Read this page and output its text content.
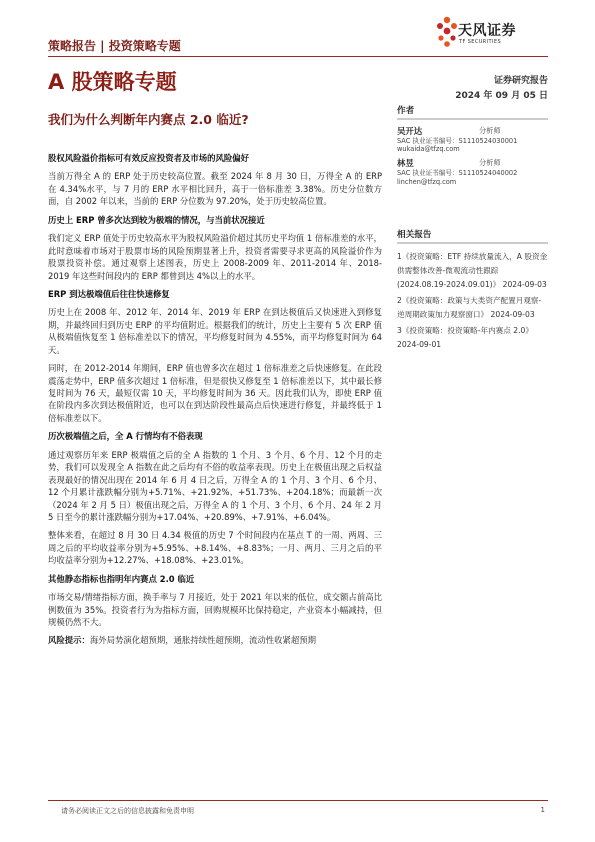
策略报告 | 投资策略专题
天风证券
TF SECURITIES
A 股策略专题	证券研究报告
2024 年 09 月 05 日
我们为什么判断年内赛点 2.0 临近?
股权风险溢价指标可有效反应投资者及市场的风险偏好

当前万得全 A 的 ERP 处于历史较高位置。截至 2024 年 8 月 30 日，万得全 A 的 ERP 在 4.34%水平，与 7 月的 ERP 水平相比回升，高于一倍标准差 3.38%。历史分位数方面，自 2002 年以来，当前的 ERP 分位数为 97.20%，处于历史较高位置。

历史上 ERP 曾多次达到较为极端的情况，与当前状况接近

我们定义 ERP 值处于历史较高水平为股权风险溢价超过其历史平均值 1 倍标准差的水平，此时意味着市场对于股票市场的风险预期显著上升，投资者需要寻求更高的风险溢价作为股票投资补偿。通过观察上述图表，历史上 2008-2009 年、2011-2014 年、2018-2019 年这些时间段内的 ERP 都曾到达 4%以上的水平。

ERP 到达极端值后往往快速修复

历史上在 2008 年、2012 年、2014 年、2019 年 ERP 在到达极值后又快速进入到修复期，并最终回归到历史 ERP 的平均值附近。根据我们的统计，历史上主要有 5 次 ERP 值从极端值恢复至 1 倍标准差以下的情况，平均修复时间为 4.55%，而平均修复时间为 64 天。

同时，在 2012-2014 年期间，ERP 值也曾多次在超过 1 倍标准差之后快速修复。在此段震荡走势中，ERP 值多次超过 1 倍标准，但是很快又修复至 1 倍标准差以下，其中最长修复时间为 76 天，最短仅需 10 天，平均修复时间为 36 天。因此我们认为，即使 ERP 值在阶段内多次到达极值附近，也可以在到达阶段性最高点后快速进行修复，并最终低于 1 倍标准差以下。

历次极端值之后，全 A 行情均有不俗表现

通过观察历年来 ERP 极端值之后的全 A 指数的 1 个月、3 个月、6 个月、12 个月的走势，我们可以发现全 A 指数在此之后均有不俗的收益率表现。历史上在极值出现之后权益表现最好的情况出现在 2014 年 6 月 4 日之后，万得全 A 的 1 个月、3 个月、6 个月、12 个月累计涨跌幅分别为+5.71%、+21.92%、+51.73%、+204.18%；而最新一次（2024 年 2 月 5 日）极值出现之后，万得全 A 的 1 个月、3 个月、6 个月、24 年 2 月 5 日至今的累计涨跌幅分别为+17.04%、+20.89%、+7.91%、+6.04%。

整体来看，在超过 8 月 30 日 4.34 极值的历史 7 个时间段内在基点 T 的一周、两周、三周之后的平均收益率分别为+5.95%、+8.14%、+8.83%；一月、两月、三月之后的平均收益率分别为+12.27%、+18.08%、+23.01%。

其他静态指标也指明年内赛点 2.0 临近

市场交易/情绪指标方面，换手率与 7 月接近，处于 2021 年以来的低位，成交额占前高比例数值为 35%。投资者行为为指标方面，回购规模环比保持稳定，产业资本小幅减持，但规模仍然不大。

风险提示：海外局势演化超预期，通胀持续性超预期，流动性收紧超预期

作者
吴开达	分析师
SAC 执业证书编号：S1110524030001
wukaida@tfzq.com
林昱	分析师
SAC 执业证书编号：S1110524040002
linchen@tfzq.com
相关报告
1《投资策略：ETF 持续放量流入，A 股资金供需整体改善-微观流动性跟踪 (2024.08.19-2024.09.01)》 2024-09-03
2《投资策略：政策与大类资产配置月观察-逆周期政策加力观察窗口》 2024-09-03
3《投资策略：投资策略-年内赛点 2.0》 2024-09-01
请务必阅读正文之后的信息披露和免责申明	1
